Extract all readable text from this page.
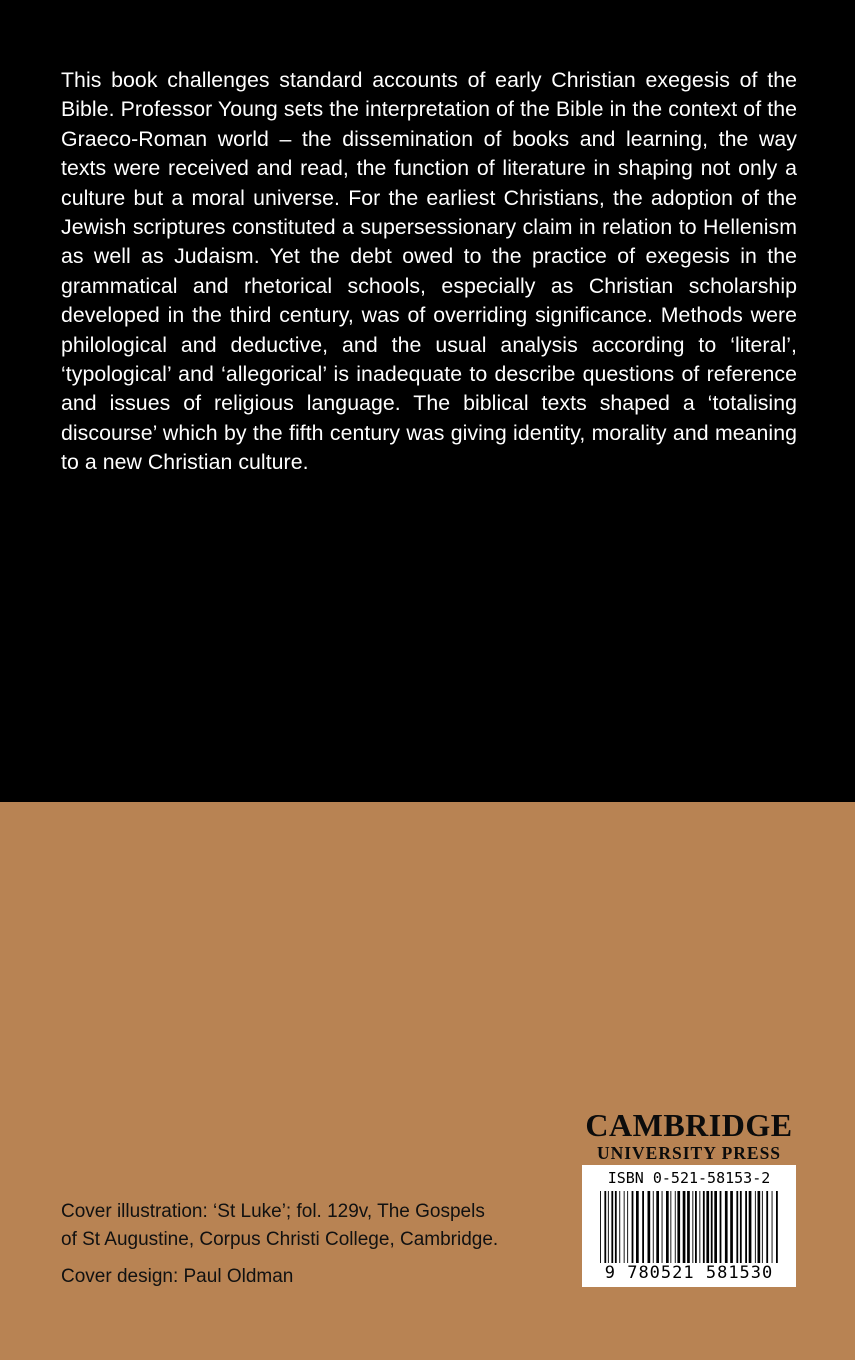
This book challenges standard accounts of early Christian exegesis of the Bible. Professor Young sets the interpretation of the Bible in the context of the Graeco-Roman world – the dissemination of books and learning, the way texts were received and read, the function of literature in shaping not only a culture but a moral universe. For the earliest Christians, the adoption of the Jewish scriptures constituted a supersessionary claim in relation to Hellenism as well as Judaism. Yet the debt owed to the practice of exegesis in the grammatical and rhetorical schools, especially as Christian scholarship developed in the third century, was of overriding significance. Methods were philological and deductive, and the usual analysis according to ‘literal’, ‘typological’ and ‘allegorical’ is inadequate to describe questions of reference and issues of religious language. The biblical texts shaped a ‘totalising discourse’ which by the fifth century was giving identity, morality and meaning to a new Christian culture.

Cover illustration: ‘St Luke’; fol. 129v, The Gospels
of St Augustine, Corpus Christi College, Cambridge.
Cover design: Paul Oldman
CAMBRIDGE
UNIVERSITY PRESS
ISBN 0-521-58153-2
9 780521 581530
